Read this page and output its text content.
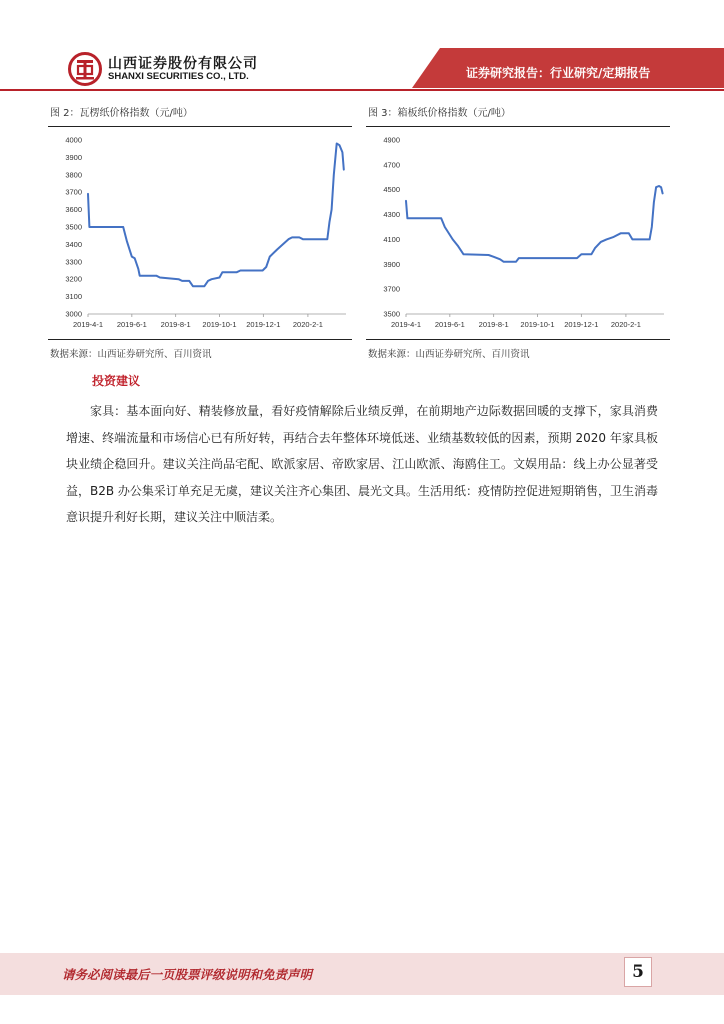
山西证券股份有限公司
SHANXI SECURITIES CO., LTD.	证券研究报告：行业研究/定期报告
图 2：瓦楞纸价格指数（元/吨）
3000
3100
3200
3300
3400
3500
3600
3700
3800
3900
4000
2019-4-1 2019-6-1 2019-8-1 2019-10-1 2019-12-1 2020-2-1
数据来源：山西证券研究所、百川资讯
图 3：箱板纸价格指数（元/吨）
3500
3700
3900
4100
4300
4500
4700
4900
2019-4-1 2019-6-1 2019-8-1 2019-10-1 2019-12-1 2020-2-1
数据来源：山西证券研究所、百川资讯
投资建议

家具：基本面向好、精装修放量，看好疫情解除后业绩反弹，在前期地产边际数据回暖的支撑下，家具消费增速、终端流量和市场信心已有所好转，再结合去年整体环境低迷、业绩基数较低的因素，预期 2020 年家具板块业绩企稳回升。建议关注尚品宅配、欧派家居、帝欧家居、江山欧派、海鸥住工。文娱用品：线上办公显著受益，B2B 办公集采订单充足无虞，建议关注齐心集团、晨光文具。生活用纸：疫情防控促进短期销售，卫生消毒意识提升利好长期，建议关注中顺洁柔。

请务必阅读最后一页股票评级说明和免责声明	5
